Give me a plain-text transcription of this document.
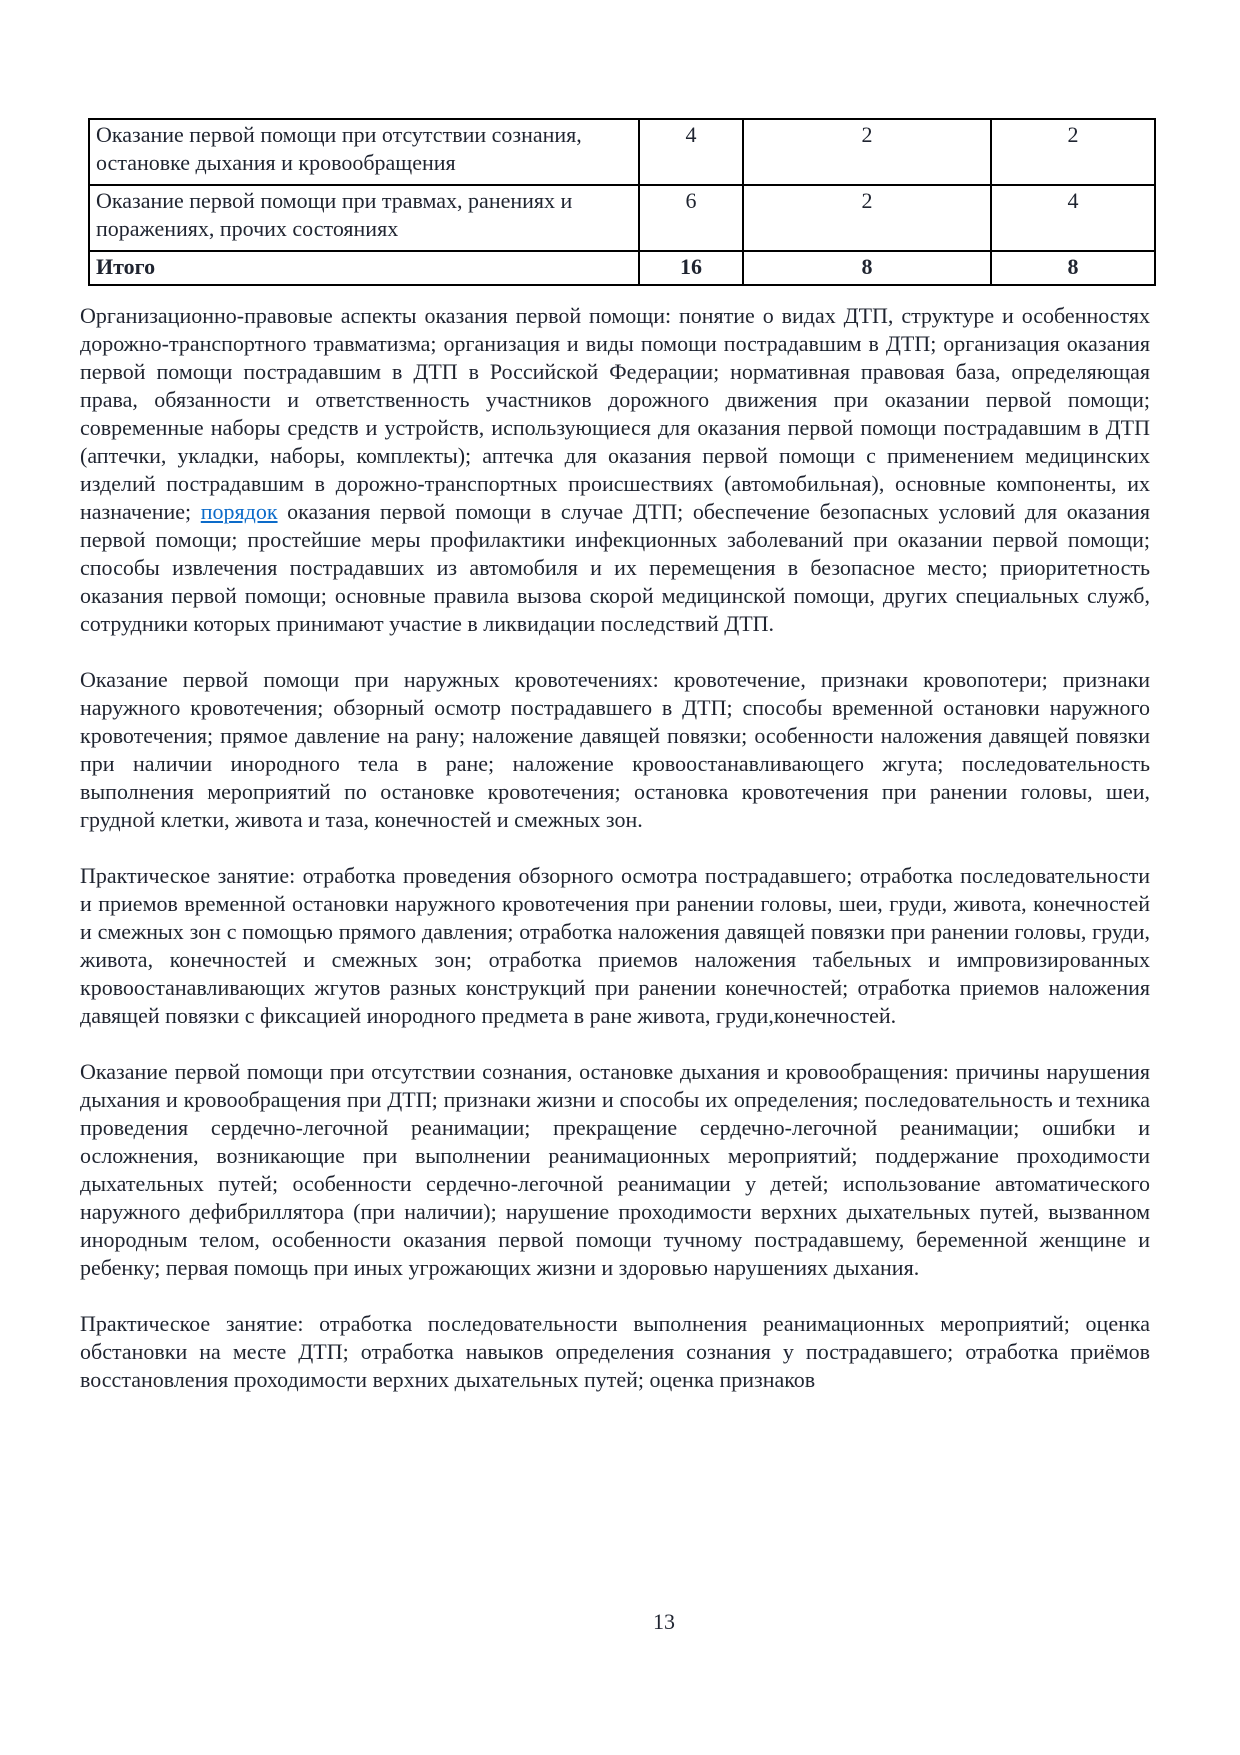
Оказание первой помощи при отсутствии сознания, остановке дыхания и кровообращения	4	2	2
Оказание первой помощи при травмах, ранениях и поражениях, прочих состояниях	6	2	4
Итого	16	8	8

Организационно-правовые аспекты оказания первой помощи: понятие о видах ДТП, структуре и особенностях дорожно-транспортного травматизма; организация и виды помощи пострадавшим в ДТП; организация оказания первой помощи пострадавшим в ДТП в Российской Федерации; нормативная правовая база, определяющая права, обязанности и ответственность участников дорожного движения при оказании первой помощи; современные наборы средств и устройств, использующиеся для оказания первой помощи пострадавшим в ДТП (аптечки, укладки, наборы, комплекты); аптечка для оказания первой помощи с применением медицинских изделий пострадавшим в дорожно-транспортных происшествиях (автомобильная), основные компоненты, их назначение; порядок оказания первой помощи в случае ДТП; обеспечение безопасных условий для оказания первой помощи; простейшие меры профилактики инфекционных заболеваний при оказании первой помощи; способы извлечения пострадавших из автомобиля и их перемещения в безопасное место; приоритетность оказания первой помощи; основные правила вызова скорой медицинской помощи, других специальных служб, сотрудники которых принимают участие в ликвидации последствий ДТП.

Оказание первой помощи при наружных кровотечениях: кровотечение, признаки кровопотери; признаки наружного кровотечения; обзорный осмотр пострадавшего в ДТП; способы временной остановки наружного кровотечения; прямое давление на рану; наложение давящей повязки; особенности наложения давящей повязки при наличии инородного тела в ране; наложение кровоостанавливающего жгута; последовательность выполнения мероприятий по остановке кровотечения; остановка кровотечения при ранении головы, шеи, грудной клетки, живота и таза, конечностей и смежных зон.

Практическое занятие: отработка проведения обзорного осмотра пострадавшего; отработка последовательности и приемов временной остановки наружного кровотечения при ранении головы, шеи, груди, живота, конечностей и смежных зон с помощью прямого давления; отработка наложения давящей повязки при ранении головы, груди, живота, конечностей и смежных зон; отработка приемов наложения табельных и импровизированных кровоостанавливающих жгутов разных конструкций при ранении конечностей; отработка приемов наложения давящей повязки с фиксацией инородного предмета в ране живота, груди,конечностей.

Оказание первой помощи при отсутствии сознания, остановке дыхания и кровообращения: причины нарушения дыхания и кровообращения при ДТП; признаки жизни и способы их определения; последовательность и техника проведения сердечно-легочной реанимации; прекращение сердечно-легочной реанимации; ошибки и осложнения, возникающие при выполнении реанимационных мероприятий; поддержание проходимости дыхательных путей; особенности сердечно-легочной реанимации у детей; использование автоматического наружного дефибриллятора (при наличии); нарушение проходимости верхних дыхательных путей, вызванном инородным телом, особенности оказания первой помощи тучному пострадавшему, беременной женщине и ребенку; первая помощь при иных угрожающих жизни и здоровью нарушениях дыхания.

Практическое занятие: отработка последовательности выполнения реанимационных мероприятий; оценка обстановки на месте ДТП; отработка навыков определения сознания у пострадавшего; отработка приёмов восстановления проходимости верхних дыхательных путей; оценка признаков

13
